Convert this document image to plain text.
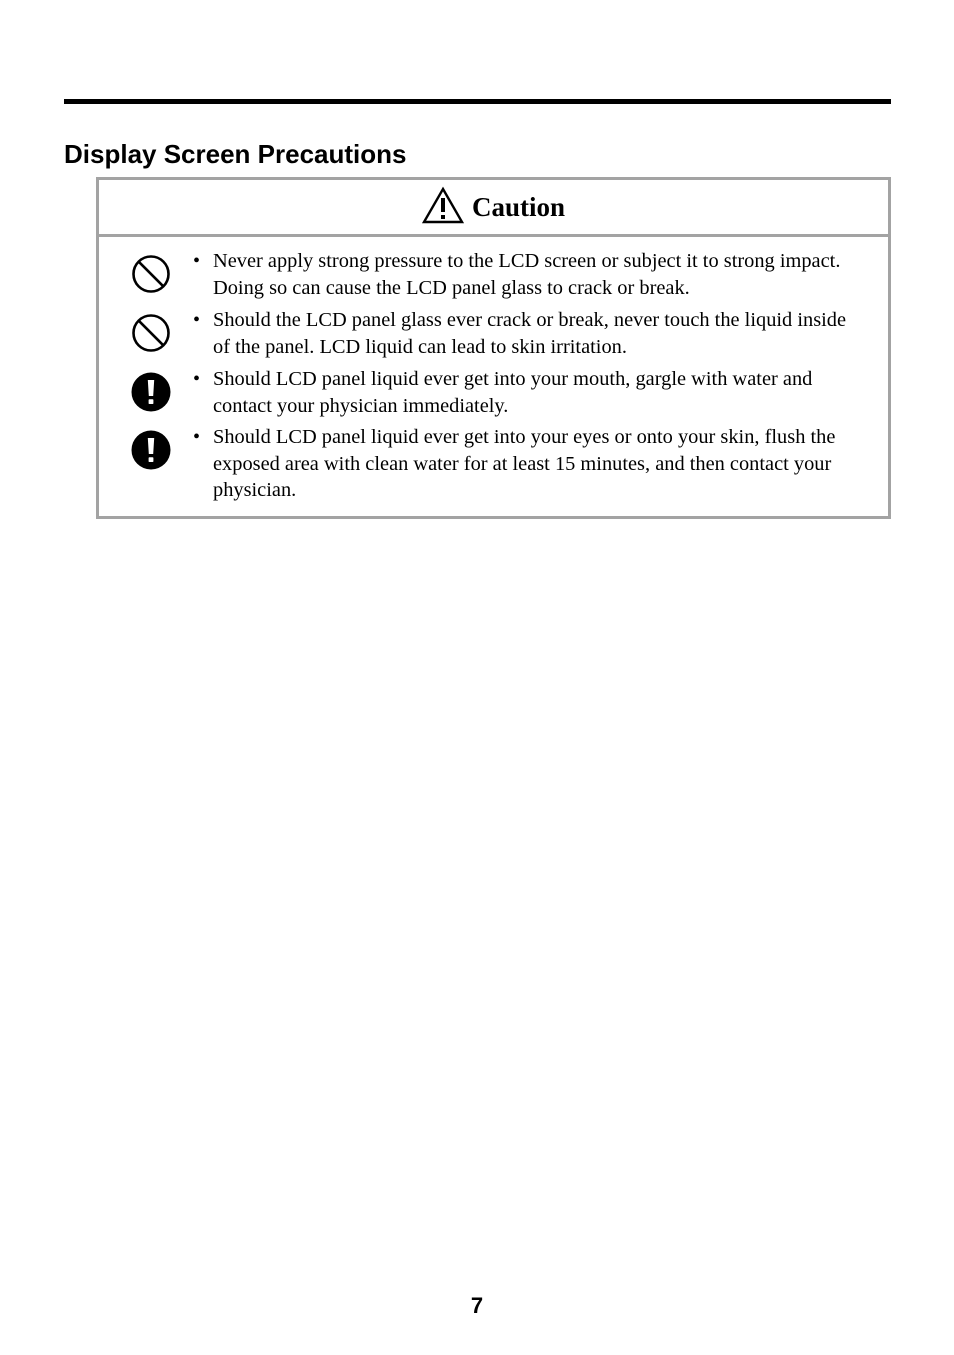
Display Screen Precautions
Caution
• Never apply strong pressure to the LCD screen or subject it to strong impact.
Doing so can cause the LCD panel glass to crack or break.
• Should the LCD panel glass ever crack or break, never touch the liquid inside
of the panel. LCD liquid can lead to skin irritation.
• Should LCD panel liquid ever get into your mouth, gargle with water and
contact your physician immediately.
• Should LCD panel liquid ever get into your eyes or onto your skin, flush the
exposed area with clean water for at least 15 minutes, and then contact your
physician.
7
